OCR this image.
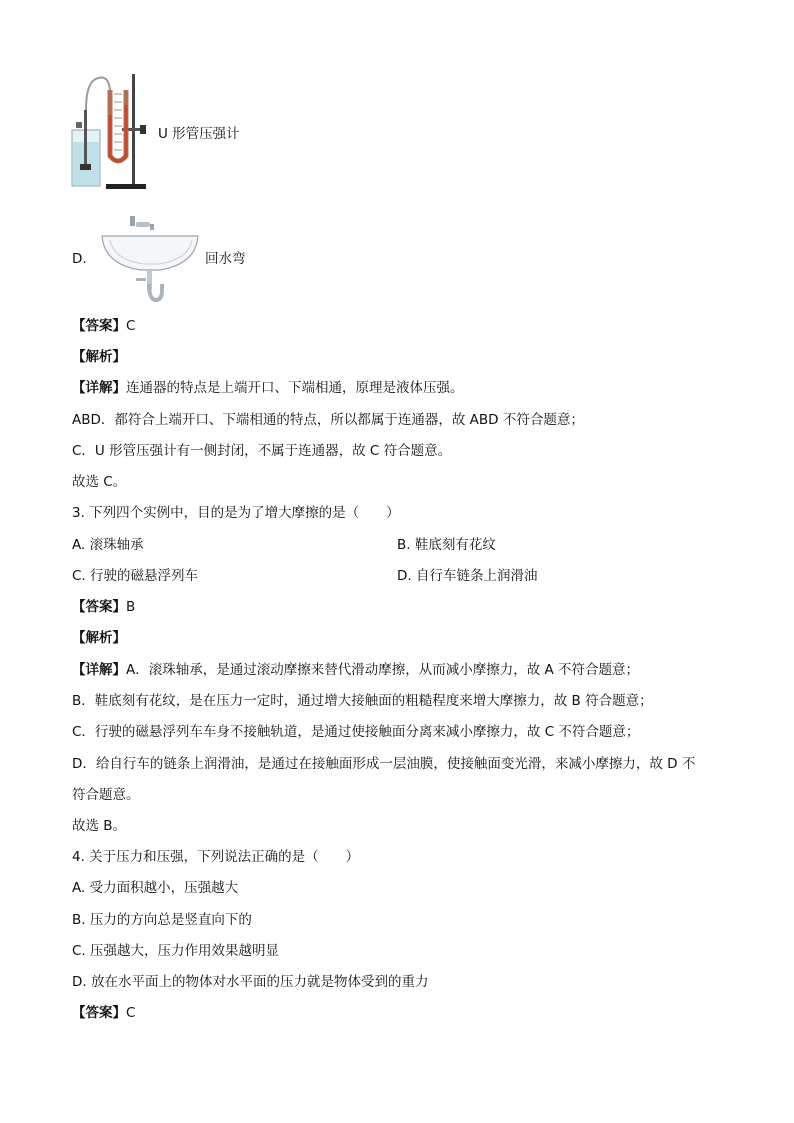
U 形管压强计
D.	回水弯
【答案】C
【解析】
【详解】连通器的特点是上端开口、下端相通，原理是液体压强。
ABD．都符合上端开口、下端相通的特点，所以都属于连通器，故 ABD 不符合题意；
C．U 形管压强计有一侧封闭，不属于连通器，故 C 符合题意。
故选 C。
3. 下列四个实例中，目的是为了增大摩擦的是（　　）
A. 滚珠轴承	B. 鞋底刻有花纹
C. 行驶的磁悬浮列车	D. 自行车链条上润滑油
【答案】B
【解析】
【详解】A．滚珠轴承，是通过滚动摩擦来替代滑动摩擦，从而减小摩擦力，故 A 不符合题意；
B．鞋底刻有花纹，是在压力一定时，通过增大接触面的粗糙程度来增大摩擦力，故 B 符合题意；
C．行驶的磁悬浮列车车身不接触轨道，是通过使接触面分离来减小摩擦力，故 C 不符合题意；
D．给自行车的链条上润滑油，是通过在接触面形成一层油膜，使接触面变光滑，来减小摩擦力，故 D 不
符合题意。
故选 B。
4. 关于压力和压强，下列说法正确的是（　　）
A. 受力面积越小，压强越大
B. 压力的方向总是竖直向下的
C. 压强越大，压力作用效果越明显
D. 放在水平面上的物体对水平面的压力就是物体受到的重力
【答案】C
